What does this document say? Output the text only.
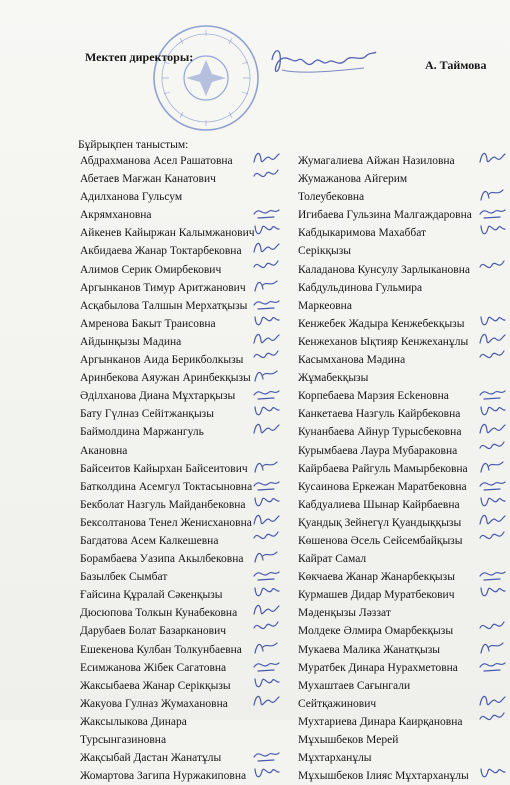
Мектеп директоры:
А. Таймова
Бұйрықпен таныстым:
Абдрахманова Асел Рашатовна
Абетаев Мағжан Канатович
Адилханова Гульсум
Акрямхановна
Айкенев Кайыржан Калымжанович
Акбидаева Жанар Токтарбековна
Алимов Серик Омирбекович
Аргынканов Тимур Аритжанович
Асқабылова Талшын Мерхатқызы
Амренова Бакыт Траисовна
Айдынқызы Мадина
Аргынканов Аида Берикболкызы
Аринбекова Аяужан Аринбекқызы
Әділханова Диана Мұхтарқызы
Бату Гүлназ Сейітжанқызы
Баймолдина Маржангуль
Акановна
Байсеитов Кайырхан Байсеитович
Батколдина Асемгул Токтасыновна
Бекболат Назгуль Майданбековна
Бексолтанова Тенел Женисхановна
Багдатова Асем Калкешевна
Борамбаева Уазипа Акылбековна
Базылбек Сымбат
Ғайсина Құралай Сәкенқызы
Дюсюпова Толкын Кунабековна
Дарубаев Болат Базарканович
Ешекенова Кулбан Толкунбаевна
Есимжанова Жібек Сагатовна
Жаксыбаева Жанар Серікқызы
Жакуова Гулназ Жумахановна
Жаксылыкова Динара
Турсынгазиновна
Жақсыбай Дастан Жанатұлы
Жомартова Загипа Нуржакиповна
Жумагалиева Айжан Назиловна
Жумажанова Айгерим
Толеубековна
Игибаева Гульзина Малгаждаровна
Кабдыкаримова Махаббат
Серікқызы
Каладанова Кунсулу Зарлыкановна
Кабдульдинова Гульмира
Маркеовна
Кенжебек Жадыра Кенжебекқызы
Кенжеханов Ықтияр Кенжеханұлы
Касымханова Мәдина
Жұмабекқызы
Корпебаева Марзия Есkеновна
Канкетаева Назгуль Кайрбековна
Кунанбаева Айнур Турысбековна
Курымбаева Лаура Мубараковна
Кайрбаева Райгуль Мамырбековна
Кусаинова Еркежан Маратбековна
Кабдуалиева Шынар Кайрбаевна
Қуандық Зейнегүл Қуандыққызы
Көшенова Әсель Сейсембайқызы
Кайрат Самал
Көкчаева Жанар Жанарбекқызы
Курмашев Дидар Муратбекович
Мәденқызы Ләззат
Молдеке Әлмира Омарбекқызы
Мукаева Малика Жанатқызы
Муратбек Динара Нурахметовна
Мухаштаев Сағынгали
Сейтқажинович
Мухтариева Динара Каирқановна
Мұхышбеков Мерей
Мұхтарханұлы
Мұхышбеков Ілияс Мұхтарханұлы
